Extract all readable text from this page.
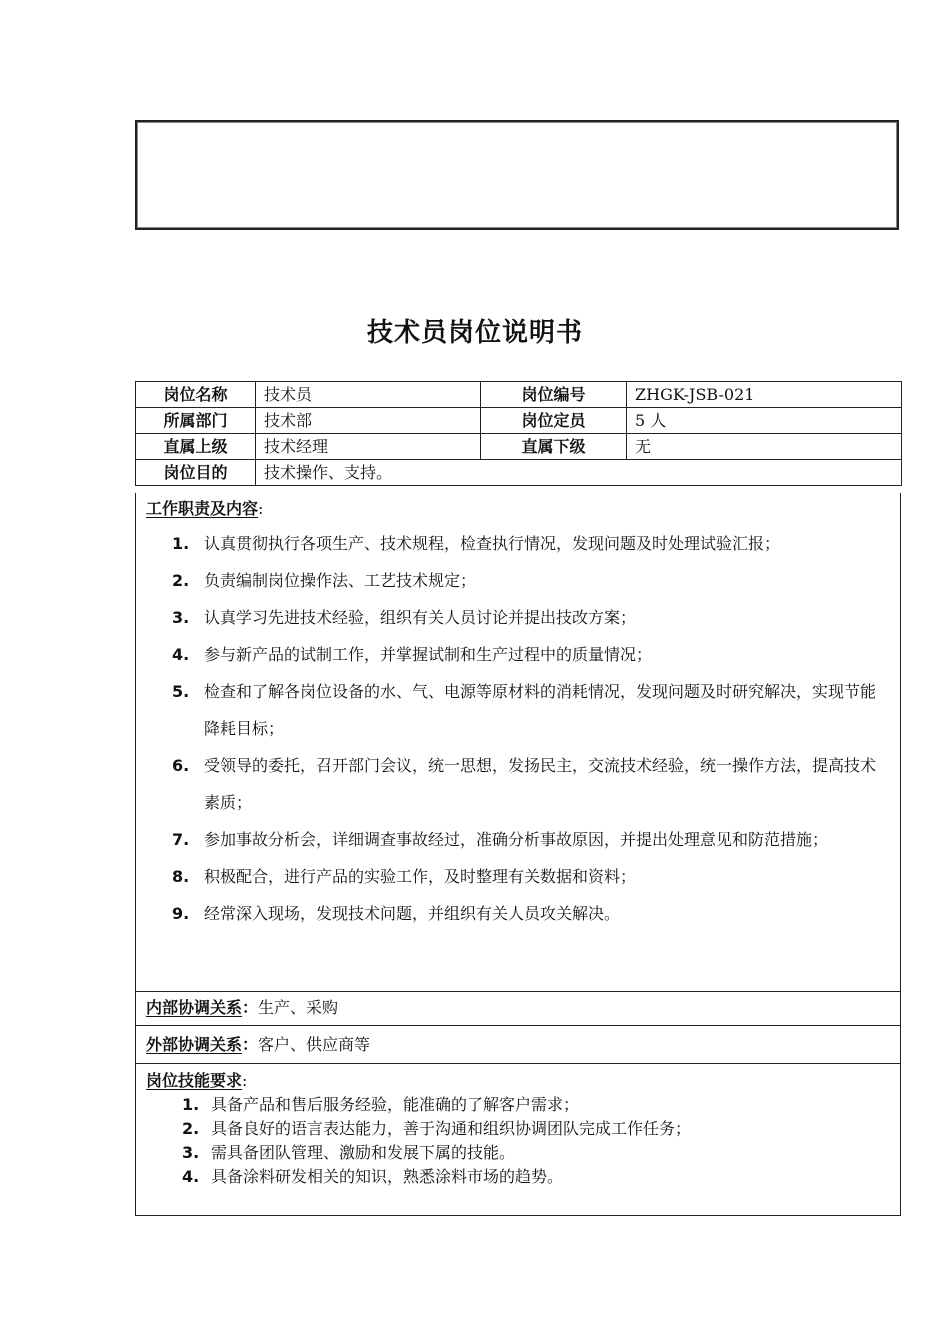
技术员岗位说明书
岗位名称	技术员	岗位编号	ZHGK-JSB-021
所属部门	技术部	岗位定员	5 人
直属上级	技术经理	直属下级	无
岗位目的	技术操作、支持。		
工作职责及内容:
1. 认真贯彻执行各项生产、技术规程，检查执行情况，发现问题及时处理试验汇报；
2. 负责编制岗位操作法、工艺技术规定；
3. 认真学习先进技术经验，组织有关人员讨论并提出技改方案；
4. 参与新产品的试制工作，并掌握试制和生产过程中的质量情况；
5. 检查和了解各岗位设备的水、气、电源等原材料的消耗情况，发现问题及时研究解决，实现节能降耗目标；
6. 受领导的委托，召开部门会议，统一思想，发扬民主，交流技术经验，统一操作方法，提高技术素质；
7. 参加事故分析会，详细调查事故经过，准确分析事故原因，并提出处理意见和防范措施；
8. 积极配合，进行产品的实验工作，及时整理有关数据和资料；
9. 经常深入现场，发现技术问题，并组织有关人员攻关解决。
内部协调关系：生产、采购
外部协调关系：客户、供应商等
岗位技能要求:
1. 具备产品和售后服务经验，能准确的了解客户需求；
2. 具备良好的语言表达能力，善于沟通和组织协调团队完成工作任务；
3. 需具备团队管理、激励和发展下属的技能。
4. 具备涂料研发相关的知识，熟悉涂料市场的趋势。
